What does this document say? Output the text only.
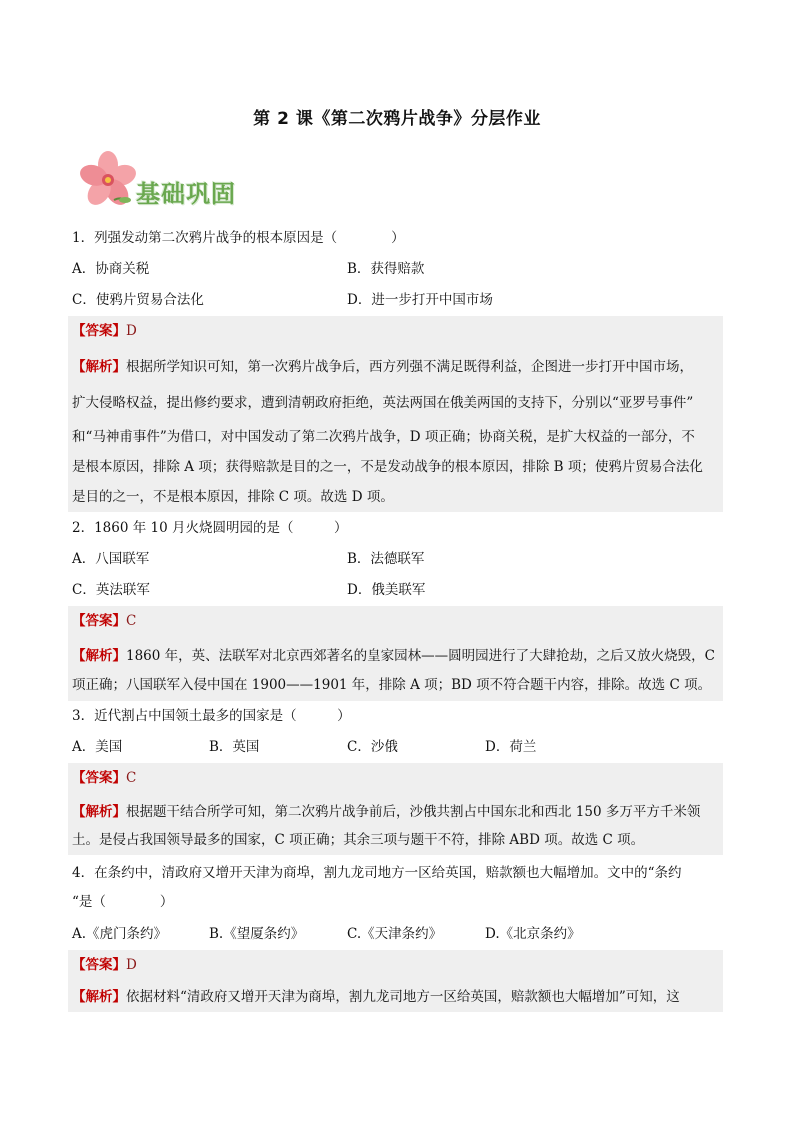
第 2 课《第二次鸦片战争》分层作业
基础巩固
1．列强发动第二次鸦片战争的根本原因是（　　　　）
A．协商关税	B．获得赔款
C．使鸦片贸易合法化	D．进一步打开中国市场
【答案】D
【解析】根据所学知识可知，第一次鸦片战争后，西方列强不满足既得利益，企图进一步打开中国市场，
扩大侵略权益，提出修约要求，遭到清朝政府拒绝，英法两国在俄美两国的支持下，分别以“亚罗号事件”
和“马神甫事件”为借口，对中国发动了第二次鸦片战争，D 项正确；协商关税，是扩大权益的一部分，不
是根本原因，排除 A 项；获得赔款是目的之一，不是发动战争的根本原因，排除 B 项；使鸦片贸易合法化
是目的之一，不是根本原因，排除 C 项。故选 D 项。
2．1860 年 10 月火烧圆明园的是（　　　）
A．八国联军	B．法德联军
C．英法联军	D．俄美联军
【答案】C
【解析】1860 年，英、法联军对北京西郊著名的皇家园林——圆明园进行了大肆抢劫，之后又放火烧毁，C
项正确；八国联军入侵中国在 1900——1901 年，排除 A 项；BD 项不符合题干内容，排除。故选 C 项。
3．近代割占中国领土最多的国家是（　　　）
A．美国	B．英国	C．沙俄	D．荷兰
【答案】C
【解析】根据题干结合所学可知，第二次鸦片战争前后，沙俄共割占中国东北和西北 150 多万平方千米领
土。是侵占我国领导最多的国家，C 项正确；其余三项与题干不符，排除 ABD 项。故选 C 项。
4．在条约中，清政府又增开天津为商埠，割九龙司地方一区给英国，赔款额也大幅增加。文中的“条约
“是（　　　　）
A.《虎门条约》	B.《望厦条约》	C.《天津条约》	D.《北京条约》
【答案】D
【解析】依据材料“清政府又增开天津为商埠，割九龙司地方一区给英国，赔款额也大幅增加”可知，这
